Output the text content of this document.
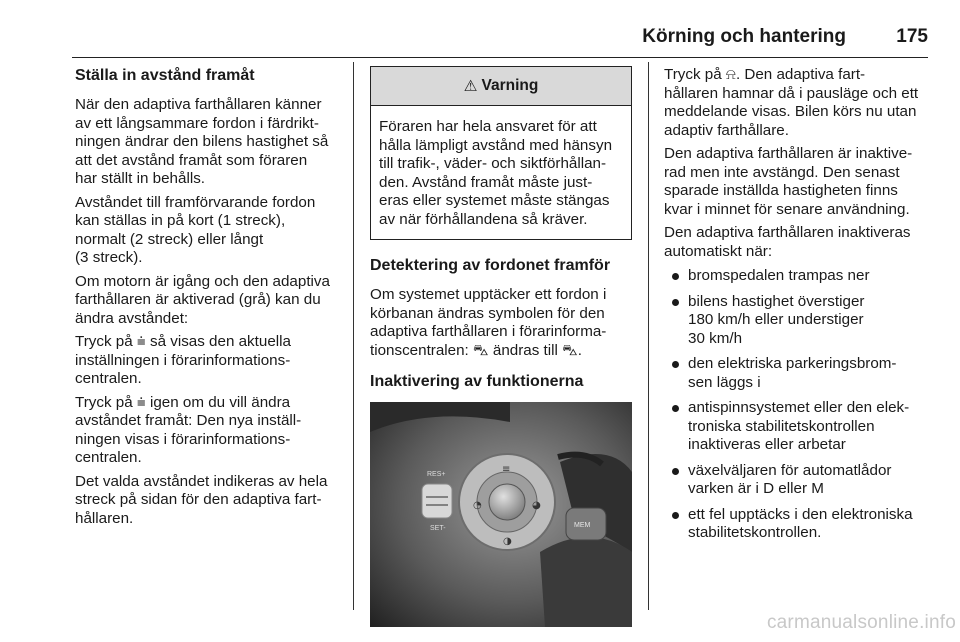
Körning och hantering	175
Ställa in avstånd framåt

När den adaptiva farthållaren känner
av ett långsammare fordon i färdrikt-
ningen ändrar den bilens hastighet så
att det avstånd framåt som föraren
har ställt in behålls.

Avståndet till framförvarande fordon
kan ställas in på kort (1 streck),
normalt (2 streck) eller långt
(3 streck).

Om motorn är igång och den adaptiva
farthållaren är aktiverad (grå) kan du
ändra avståndet:

Tryck på ⩧ så visas den aktuella
inställningen i förarinformations-
centralen.

Tryck på ⩧ igen om du vill ändra
avståndet framåt: Den nya inställ-
ningen visas i förarinformations-
centralen.

Det valda avståndet indikeras av hela
streck på sidan för den adaptiva fart-
hållaren.

⚠ Varning
Föraren har hela ansvaret för att
hålla lämpligt avstånd med hänsyn
till trafik-, väder- och siktförhållan-
den. Avstånd framåt måste just-
eras eller systemet måste stängas
av när förhållandena så kräver.
Detektering av fordonet framför

Om systemet upptäcker ett fordon i
körbanan ändras symbolen för den
adaptiva farthållaren i förarinforma-
tionscentralen: ⛍ ändras till ⛍.

Inaktivering av funktionerna
RES+
SET-
≡
◔	◕
◑
MEM

Tryck på ⍾. Den adaptiva fart-
hållaren hamnar då i pausläge och ett
meddelande visas. Bilen körs nu utan
adaptiv farthållare.

Den adaptiva farthållaren är inaktive-
rad men inte avstängd. Den senast
sparade inställda hastigheten finns
kvar i minnet för senare användning.

Den adaptiva farthållaren inaktiveras
automatiskt när:

bromspedalen trampas ner
bilens hastighet överstiger
180 km/h eller understiger
30 km/h
den elektriska parkeringsbrom-
sen läggs i
antispinnsystemet eller den elek-
troniska stabilitetskontrollen
inaktiveras eller arbetar
växelväljaren för automatlådor
varken är i D eller M
ett fel upptäcks i den elektroniska
stabilitetskontrollen.
carmanualsonline.info
